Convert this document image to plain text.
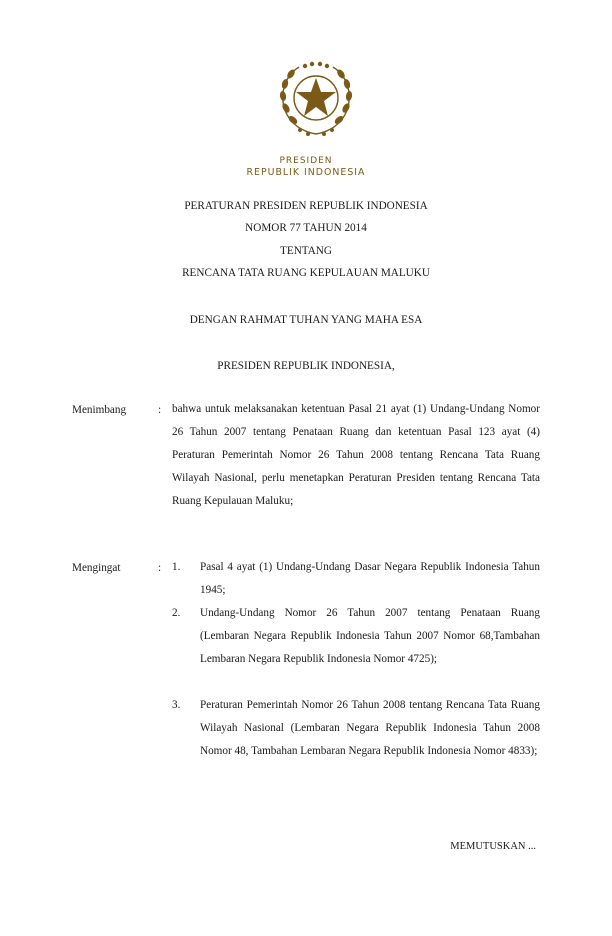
PRESIDEN
REPUBLIK INDONESIA
PERATURAN PRESIDEN REPUBLIK INDONESIA
NOMOR 77 TAHUN 2014
TENTANG
RENCANA TATA RUANG KEPULAUAN MALUKU
DENGAN RAHMAT TUHAN YANG MAHA ESA
PRESIDEN REPUBLIK INDONESIA,
Menimbang	: bahwa untuk melaksanakan ketentuan Pasal 21 ayat (1) Undang-Undang Nomor 26 Tahun 2007 tentang Penataan Ruang dan ketentuan Pasal 123 ayat (4) Peraturan Pemerintah Nomor 26 Tahun 2008 tentang Rencana Tata Ruang Wilayah Nasional, perlu menetapkan Peraturan Presiden tentang Rencana Tata Ruang Kepulauan Maluku;
Mengingat	: 1. Pasal 4 ayat (1) Undang-Undang Dasar Negara Republik Indonesia Tahun 1945;
2. Undang-Undang Nomor 26 Tahun 2007 tentang Penataan Ruang (Lembaran Negara Republik Indonesia Tahun 2007 Nomor 68,Tambahan Lembaran Negara Republik Indonesia Nomor 4725);
3. Peraturan Pemerintah Nomor 26 Tahun 2008 tentang Rencana Tata Ruang Wilayah Nasional (Lembaran Negara Republik Indonesia Tahun 2008 Nomor 48, Tambahan Lembaran Negara Republik Indonesia Nomor 4833);
MEMUTUSKAN ...
